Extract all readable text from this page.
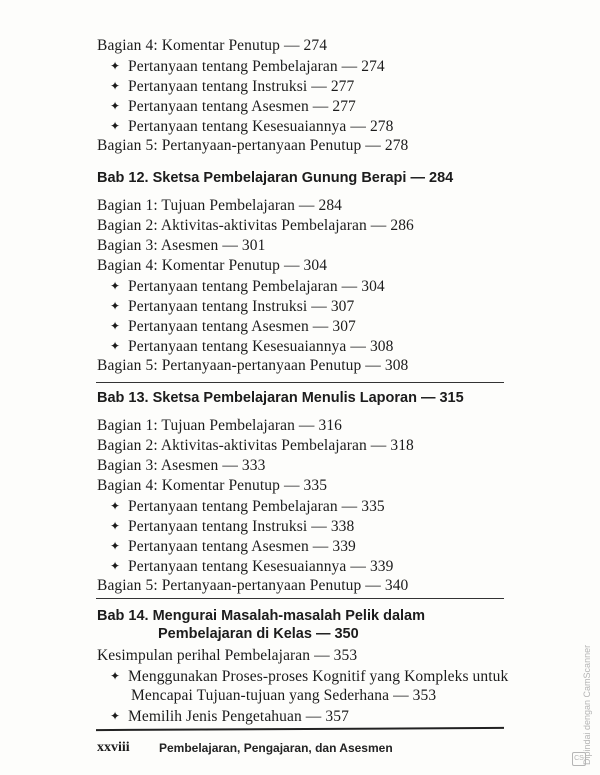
Bagian 4: Komentar Penutup — 274
✦ Pertanyaan tentang Pembelajaran — 274
✦ Pertanyaan tentang Instruksi — 277
✦ Pertanyaan tentang Asesmen — 277
✦ Pertanyaan tentang Kesesuaiannya — 278
Bagian 5: Pertanyaan-pertanyaan Penutup — 278
Bab 12. Sketsa Pembelajaran Gunung Berapi — 284
Bagian 1: Tujuan Pembelajaran — 284
Bagian 2: Aktivitas-aktivitas Pembelajaran — 286
Bagian 3: Asesmen — 301
Bagian 4: Komentar Penutup — 304
✦ Pertanyaan tentang Pembelajaran — 304
✦ Pertanyaan tentang Instruksi — 307
✦ Pertanyaan tentang Asesmen — 307
✦ Pertanyaan tentang Kesesuaiannya — 308
Bagian 5: Pertanyaan-pertanyaan Penutup — 308
Bab 13. Sketsa Pembelajaran Menulis Laporan — 315
Bagian 1: Tujuan Pembelajaran — 316
Bagian 2: Aktivitas-aktivitas Pembelajaran — 318
Bagian 3: Asesmen — 333
Bagian 4: Komentar Penutup — 335
✦ Pertanyaan tentang Pembelajaran — 335
✦ Pertanyaan tentang Instruksi — 338
✦ Pertanyaan tentang Asesmen — 339
✦ Pertanyaan tentang Kesesuaiannya — 339
Bagian 5: Pertanyaan-pertanyaan Penutup — 340
Bab 14. Mengurai Masalah-masalah Pelik dalam
Pembelajaran di Kelas — 350
Kesimpulan perihal Pembelajaran — 353
✦ Menggunakan Proses-proses Kognitif yang Kompleks untuk
Mencapai Tujuan-tujuan yang Sederhana — 353
✦ Memilih Jenis Pengetahuan — 357
xxviii Pembelajaran, Pengajaran, dan Asesmen	Dipindai dengan CamScanner
CS
